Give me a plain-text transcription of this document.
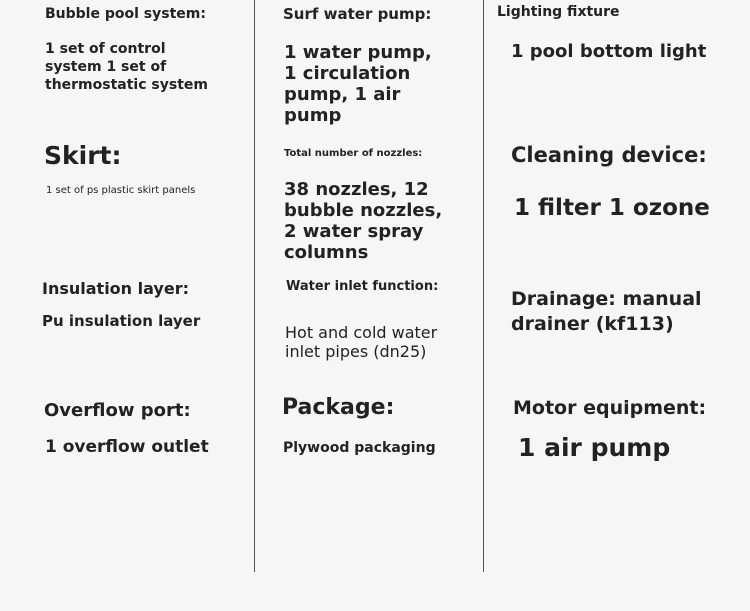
Bubble pool system:
1 set of control
system 1 set of
thermostatic system
Skirt:
1 set of ps plastic skirt panels
Insulation layer:
Pu insulation layer
Overflow port:
1 overflow outlet
Surf water pump:
1 water pump,
1 circulation
pump, 1 air
pump
Total number of nozzles:
38 nozzles, 12
bubble nozzles,
2 water spray
columns
Water inlet function:
Hot and cold water
inlet pipes (dn25)
Package:
Plywood packaging
Lighting fixture
1 pool bottom light
Cleaning device:
1 filter 1 ozone
Drainage: manual
drainer (kf113)
Motor equipment:
1 air pump
